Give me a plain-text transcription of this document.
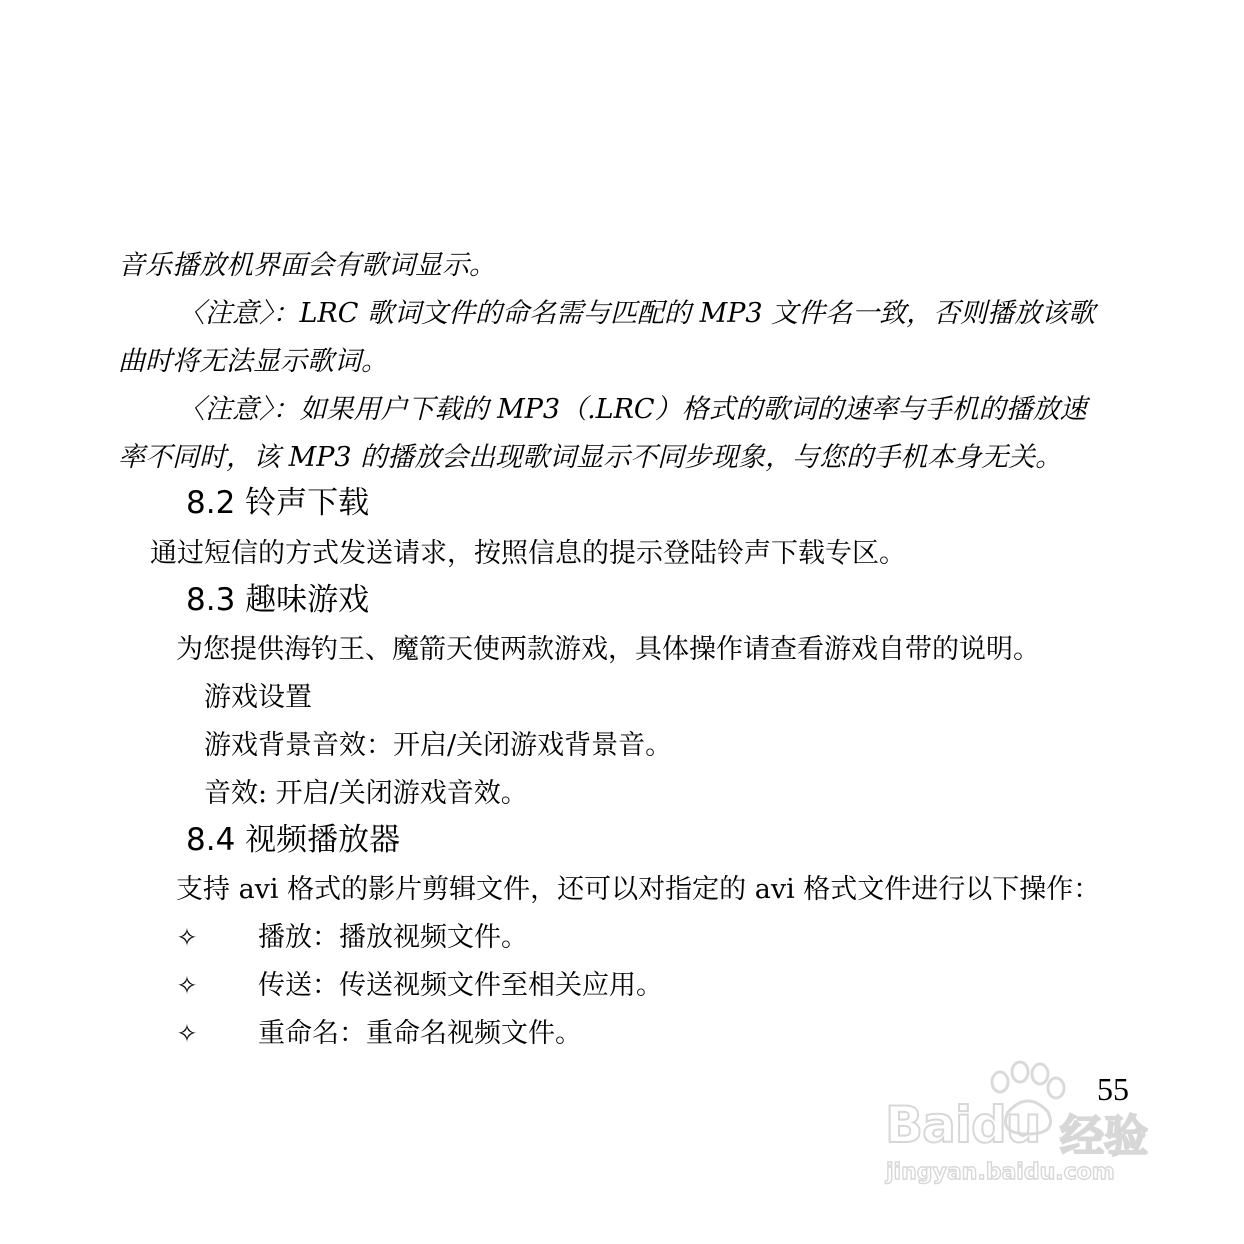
音乐播放机界面会有歌词显示。
〈注意〉：LRC 歌词文件的命名需与匹配的 MP3 文件名一致，否则播放该歌
曲时将无法显示歌词。
〈注意〉：如果用户下载的 MP3（.LRC）格式的歌词的速率与手机的播放速
率不同时，该 MP3 的播放会出现歌词显示不同步现象，与您的手机本身无关。
8.2 铃声下载
通过短信的方式发送请求，按照信息的提示登陆铃声下载专区。
8.3 趣味游戏
为您提供海钓王、魔箭天使两款游戏，具体操作请查看游戏自带的说明。
游戏设置
游戏背景音效：开启/关闭游戏背景音。
音效: 开启/关闭游戏音效。
8.4 视频播放器
支持 avi 格式的影片剪辑文件，还可以对指定的 avi 格式文件进行以下操作：
✧ 播放：播放视频文件。
✧ 传送：传送视频文件至相关应用。
✧ 重命名：重命名视频文件。
55
Baidu 经验
jingyan.baidu.com
